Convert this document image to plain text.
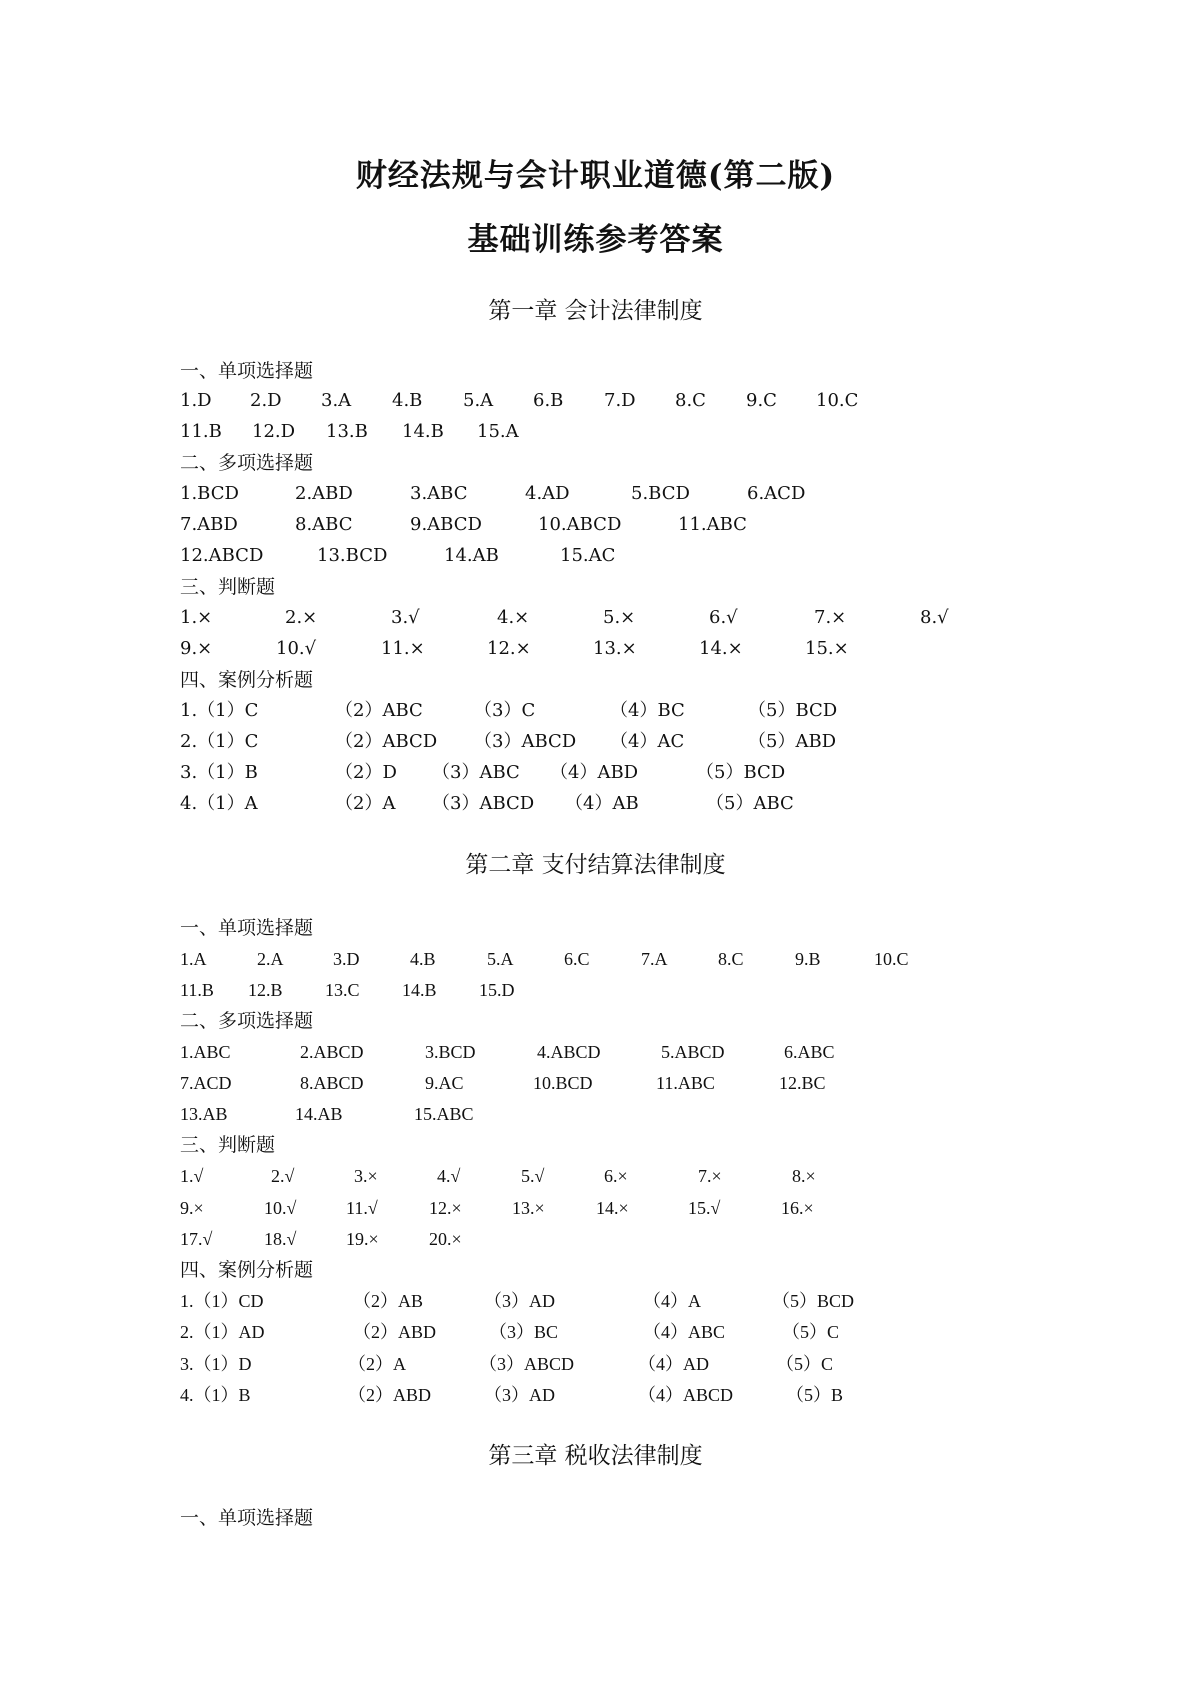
财经法规与会计职业道德(第二版)
基础训练参考答案
第一章 会计法律制度
一、单项选择题
1.D 2.D 3.A 4.B 5.A 6.B 7.D 8.C 9.C 10.C
11.B 12.D 13.B 14.B 15.A
二、多项选择题
1.BCD	2.ABD	3.ABC	4.AD	5.BCD	6.ACD
7.ABD	8.ABC	9.ABCD	10.ABCD	11.ABC
12.ABCD	13.BCD	14.AB	15.AC
三、判断题
1.×	2.×	3.√	4.×	5.×	6.√	7.×	8.√
9.×	10.√	11.×	12.×	13.×	14.×	15.×
四、案例分析题
1.（1）C	（2）ABC	（3）C	（4）BC	（5）BCD
2.（1）C	（2）ABCD （3）ABCD （4）AC	（5）ABD
3.（1）B	（2）D （3）ABC （4）ABD	（5）BCD
4.（1）A	（2）A （3）ABCD （4）AB	（5）ABC
第二章 支付结算法律制度
一、单项选择题
1.A	2.A	3.D	4.B	5.A	6.C	7.A	8.C	9.B	10.C
11.B 12.B 13.C 14.B 15.D
二、多项选择题
1.ABC	2.ABCD	3.BCD	4.ABCD	5.ABCD	6.ABC
7.ACD	8.ABCD	9.AC	10.BCD	11.ABC	12.BC
13.AB	14.AB	15.ABC
三、判断题
1.√	2.√	3.×	4.√	5.√	6.×	7.×	8.×
9.×	10.√	11.√	12.×	13.×	14.×	15.√	16.×
17.√	18.√	19.×	20.×
四、案例分析题
1.（1）CD	（2）AB	（3）AD	（4）A	（5）BCD
2.（1）AD	（2）ABD	（3）BC	（4）ABC	（5）C
3.（1）D	（2）A	（3）ABCD	（4）AD	（5）C
4.（1）B	（2）ABD	（3）AD	（4）ABCD	（5）B
第三章 税收法律制度
一、单项选择题
